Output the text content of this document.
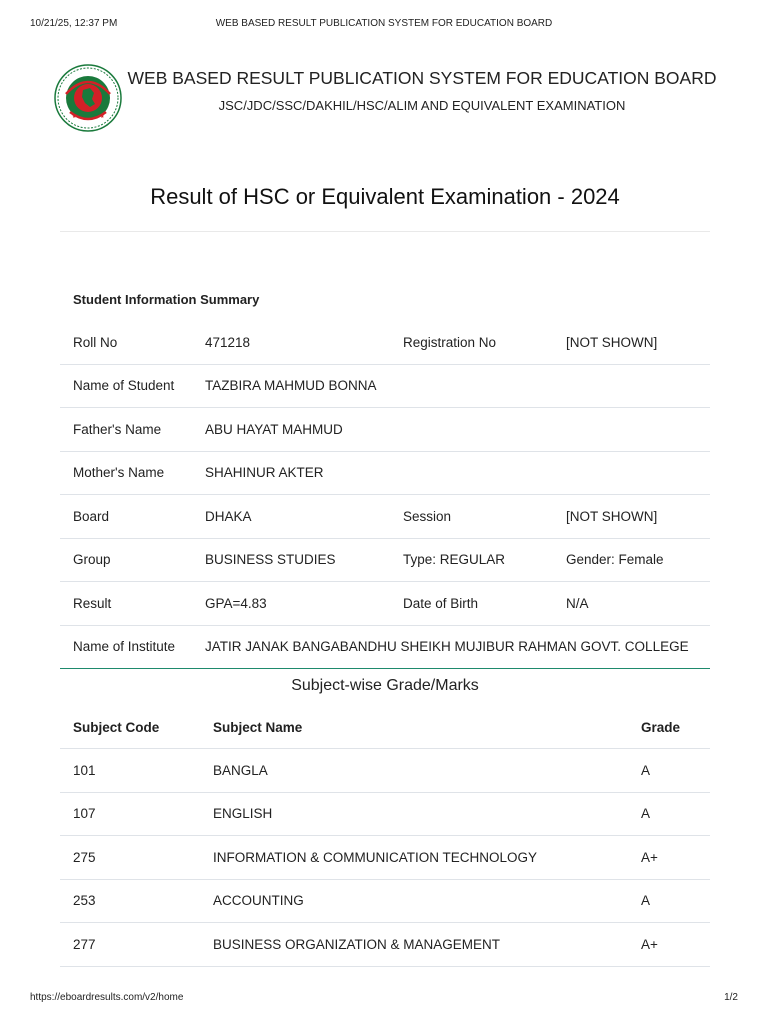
10/21/25, 12:37 PM	WEB BASED RESULT PUBLICATION SYSTEM FOR EDUCATION BOARD
★	★
WEB BASED RESULT PUBLICATION SYSTEM FOR EDUCATION BOARD
JSC/JDC/SSC/DAKHIL/HSC/ALIM AND EQUIVALENT EXAMINATION
Result of HSC or Equivalent Examination - 2024
Student Information Summary			
Roll No	471218	Registration No	[NOT SHOWN]
Name of Student	TAZBIRA MAHMUD BONNA		
Father's Name	ABU HAYAT MAHMUD		
Mother's Name	SHAHINUR AKTER		
Board	DHAKA	Session	[NOT SHOWN]
Group	BUSINESS STUDIES	Type: REGULAR	Gender: Female
Result	GPA=4.83	Date of Birth	N/A
Name of Institute	JATIR JANAK BANGABANDHU SHEIKH MUJIBUR RAHMAN GOVT. COLLEGE		
Subject-wise Grade/Marks
Subject Code	Subject Name	Grade
101	BANGLA	A
107	ENGLISH	A
275	INFORMATION & COMMUNICATION TECHNOLOGY	A+
253	ACCOUNTING	A
277	BUSINESS ORGANIZATION & MANAGEMENT	A+
https://eboardresults.com/v2/home	1/2
